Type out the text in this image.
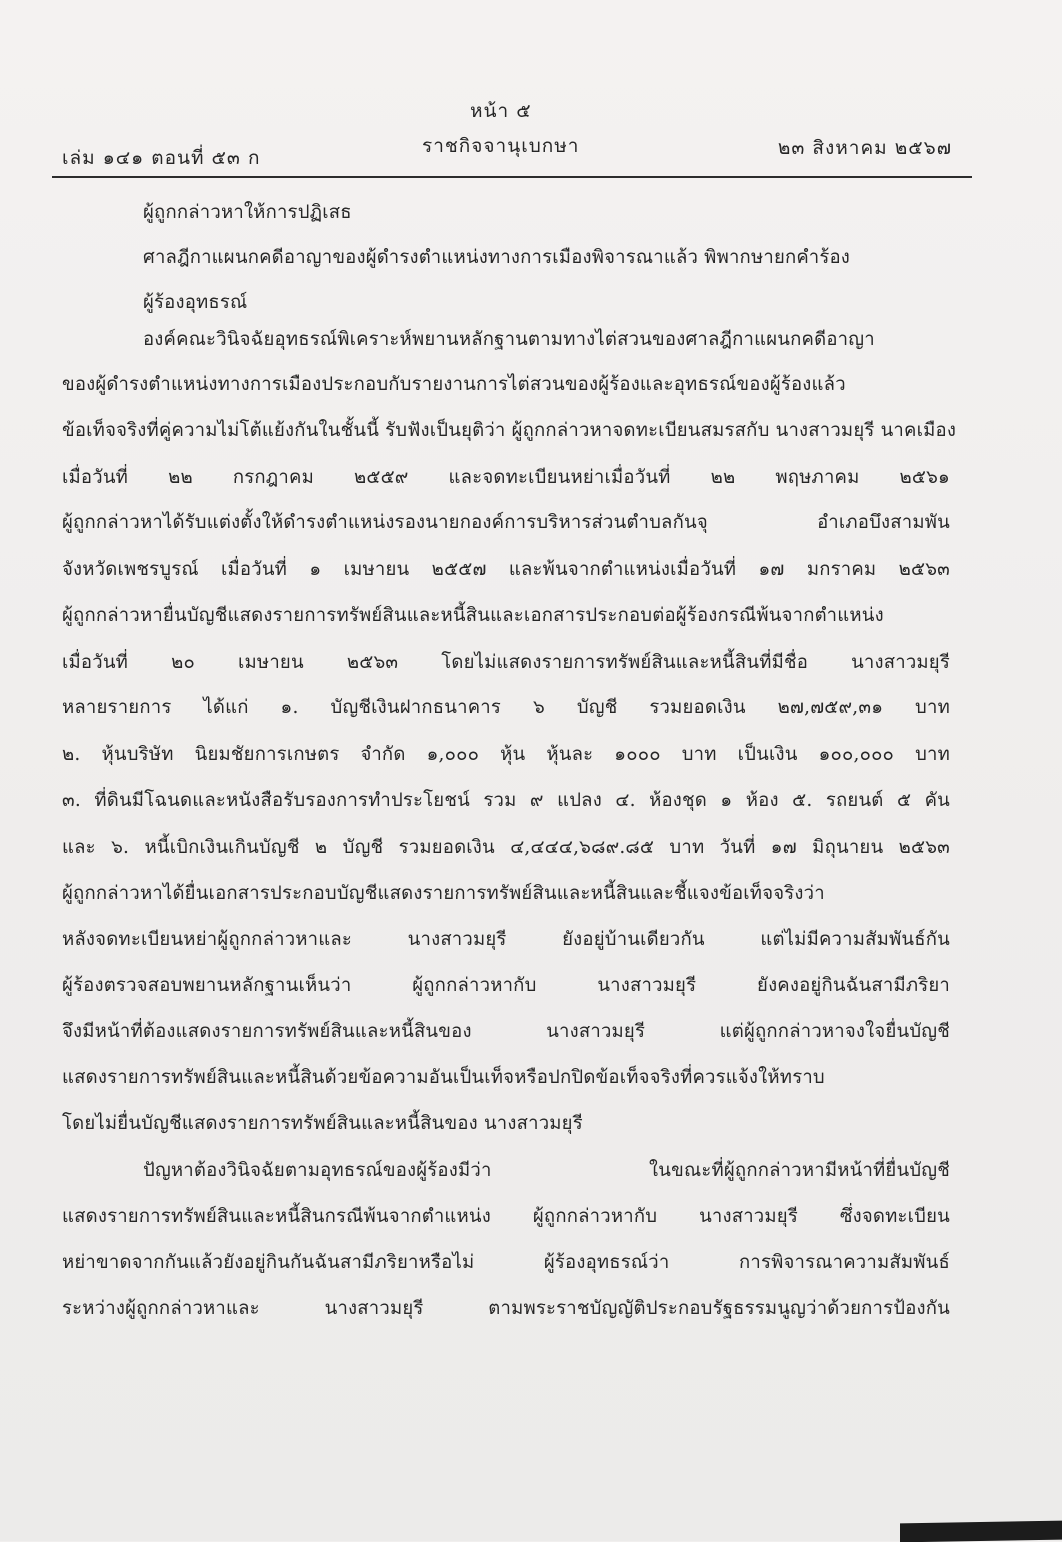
หน้า ๕
เล่ม ๑๔๑ ตอนที่ ๕๓ ก
ราชกิจจานุเบกษา	๒๓ สิงหาคม ๒๕๖๗
ผู้ถูกกล่าวหาให้การปฏิเสธ
ศาลฎีกาแผนกคดีอาญาของผู้ดำรงตำแหน่งทางการเมืองพิจารณาแล้ว พิพากษายกคำร้อง
ผู้ร้องอุทธรณ์
องค์คณะวินิจฉัยอุทธรณ์พิเคราะห์พยานหลักฐานตามทางไต่สวนของศาลฎีกาแผนกคดีอาญา
ของผู้ดำรงตำแหน่งทางการเมืองประกอบกับรายงานการไต่สวนของผู้ร้องและอุทธรณ์ของผู้ร้องแล้ว
ข้อเท็จจริงที่คู่ความไม่โต้แย้งกันในชั้นนี้ รับฟังเป็นยุติว่า ผู้ถูกกล่าวหาจดทะเบียนสมรสกับ นางสาวมยุรี นาคเมือง
เมื่อวันที่ ๒๒ กรกฎาคม ๒๕๕๙ และจดทะเบียนหย่าเมื่อวันที่ ๒๒ พฤษภาคม ๒๕๖๑
ผู้ถูกกล่าวหาได้รับแต่งตั้งให้ดำรงตำแหน่งรองนายกองค์การบริหารส่วนตำบลกันจุ อำเภอบึงสามพัน
จังหวัดเพชรบูรณ์ เมื่อวันที่ ๑ เมษายน ๒๕๕๗ และพ้นจากตำแหน่งเมื่อวันที่ ๑๗ มกราคม ๒๕๖๓
ผู้ถูกกล่าวหายื่นบัญชีแสดงรายการทรัพย์สินและหนี้สินและเอกสารประกอบต่อผู้ร้องกรณีพ้นจากตำแหน่ง
เมื่อวันที่ ๒๐ เมษายน ๒๕๖๓ โดยไม่แสดงรายการทรัพย์สินและหนี้สินที่มีชื่อ นางสาวมยุรี
หลายรายการ ได้แก่ ๑. บัญชีเงินฝากธนาคาร ๖ บัญชี รวมยอดเงิน ๒๗,๗๕๙,๓๑ บาท
๒. หุ้นบริษัท นิยมชัยการเกษตร จำกัด ๑,๐๐๐ หุ้น หุ้นละ ๑๐๐๐ บาท เป็นเงิน ๑๐๐,๐๐๐ บาท
๓. ที่ดินมีโฉนดและหนังสือรับรองการทำประโยชน์ รวม ๙ แปลง ๔. ห้องชุด ๑ ห้อง ๕. รถยนต์ ๕ คัน
และ ๖. หนี้เบิกเงินเกินบัญชี ๒ บัญชี รวมยอดเงิน ๔,๔๔๔,๖๘๙.๘๕ บาท วันที่ ๑๗ มิถุนายน ๒๕๖๓
ผู้ถูกกล่าวหาได้ยื่นเอกสารประกอบบัญชีแสดงรายการทรัพย์สินและหนี้สินและชี้แจงข้อเท็จจริงว่า
หลังจดทะเบียนหย่าผู้ถูกกล่าวหาและ นางสาวมยุรี ยังอยู่บ้านเดียวกัน แต่ไม่มีความสัมพันธ์กัน
ผู้ร้องตรวจสอบพยานหลักฐานเห็นว่า ผู้ถูกกล่าวหากับ นางสาวมยุรี ยังคงอยู่กินฉันสามีภริยา
จึงมีหน้าที่ต้องแสดงรายการทรัพย์สินและหนี้สินของ นางสาวมยุรี แต่ผู้ถูกกล่าวหาจงใจยื่นบัญชี
แสดงรายการทรัพย์สินและหนี้สินด้วยข้อความอันเป็นเท็จหรือปกปิดข้อเท็จจริงที่ควรแจ้งให้ทราบ
โดยไม่ยื่นบัญชีแสดงรายการทรัพย์สินและหนี้สินของ นางสาวมยุรี
ปัญหาต้องวินิจฉัยตามอุทธรณ์ของผู้ร้องมีว่า ในขณะที่ผู้ถูกกล่าวหามีหน้าที่ยื่นบัญชี
แสดงรายการทรัพย์สินและหนี้สินกรณีพ้นจากตำแหน่ง ผู้ถูกกล่าวหากับ นางสาวมยุรี ซึ่งจดทะเบียน
หย่าขาดจากกันแล้วยังอยู่กินกันฉันสามีภริยาหรือไม่ ผู้ร้องอุทธรณ์ว่า การพิจารณาความสัมพันธ์
ระหว่างผู้ถูกกล่าวหาและ นางสาวมยุรี ตามพระราชบัญญัติประกอบรัฐธรรมนูญว่าด้วยการป้องกัน
